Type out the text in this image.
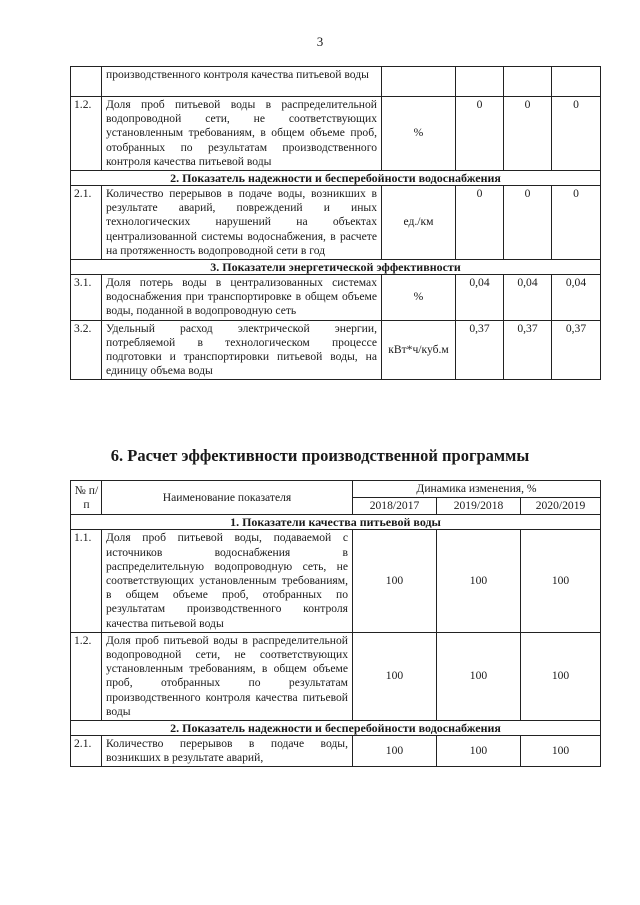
3
	производственного контроля качества питьевой воды				
1.2.	Доля проб питьевой воды в распределительной водопроводной сети, не соответствующих установленным требованиям, в общем объеме проб, отобранных по результатам производственного контроля качества питьевой воды	%	0	0	0
2. Показатель надежности и бесперебойности водоснабжения					
2.1.	Количество перерывов в подаче воды, возникших в результате аварий, повреждений и иных технологических нарушений на объектах централизованной системы водоснабжения, в расчете на протяженность водопроводной сети в год	ед./км	0	0	0
3. Показатели энергетической эффективности					
3.1.	Доля потерь воды в централизованных системах водоснабжения при транспортировке в общем объеме воды, поданной в водопроводную сеть	%	0,04	0,04	0,04
3.2.	Удельный расход электрической энергии, потребляемой в технологическом процессе подготовки и транспортировки питьевой воды, на единицу объема воды	кВт*ч/куб.м	0,37	0,37	0,37
6. Расчет эффективности производственной программы
№ п/п	Наименование показателя	Динамика изменения, %		
		2018/2017	2019/2018	2020/2019
1. Показатели качества питьевой воды				
1.1.	Доля проб питьевой воды, подаваемой с источников водоснабжения в распределительную водопроводную сеть, не соответствующих установленным требованиям, в общем объеме проб, отобранных по результатам производственного контроля качества питьевой воды	100	100	100
1.2.	Доля проб питьевой воды в распределительной водопроводной сети, не соответствующих установленным требованиям, в общем объеме проб, отобранных по результатам производственного контроля качества питьевой воды	100	100	100
2. Показатель надежности и бесперебойности водоснабжения				
2.1.	Количество перерывов в подаче воды, возникших в результате аварий,	100	100	100
